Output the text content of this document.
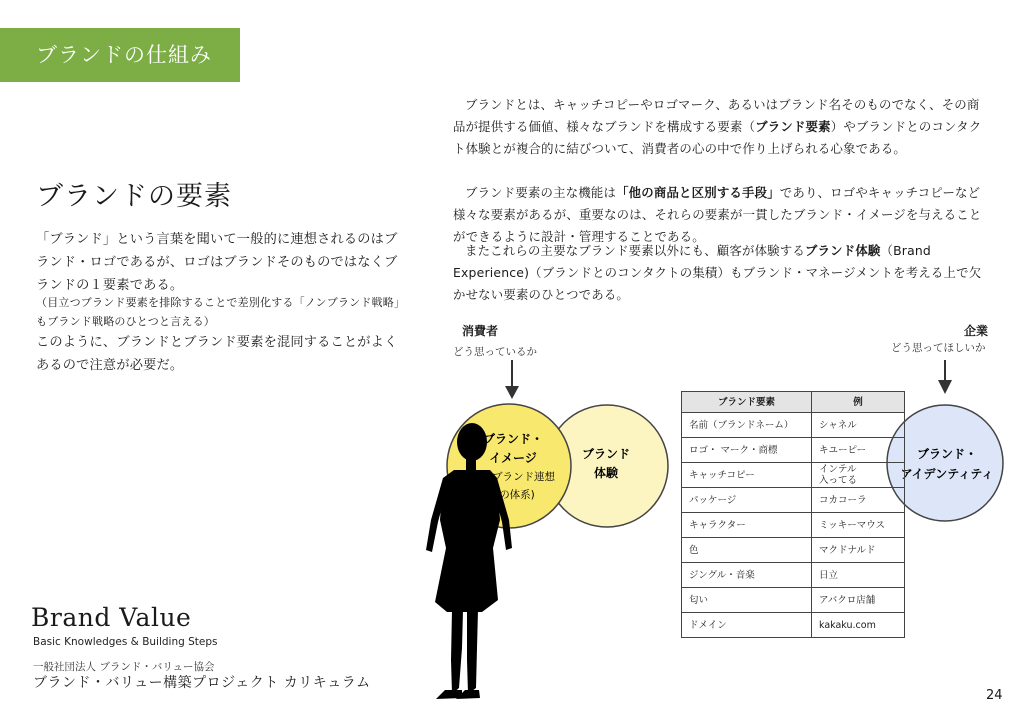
ブランドの仕組み
ブランドの要素

「ブランド」という言葉を聞いて一般的に連想されるのはブランド・ロゴであるが、ロゴはブランドそのものではなくブランドの１要素である。

（目立つブランド要素を排除することで差別化する「ノンブランド戦略」もブランド戦略のひとつと言える）

このように、ブランドとブランド要素を混同することがよくあるので注意が必要だ。

ブランドとは、キャッチコピーやロゴマーク、あるいはブランド名そのものでなく、その商品が提供する価値、様々なブランドを構成する要素（ブランド要素）やブランドとのコンタクト体験とが複合的に結びついて、消費者の心の中で作り上げられる心象である。

ブランド要素の主な機能は「他の商品と区別する手段」であり、ロゴやキャッチコピーなど様々な要素があるが、重要なのは、それらの要素が一貫したブランド・イメージを与えることができるように設計・管理することである。

またこれらの主要なブランド要素以外にも、顧客が体験するブランド体験（Brand Experience)（ブランドとのコンタクトの集積）もブランド・マネージメントを考える上で欠かせない要素のひとつである。

ブランド・
イメージ
(=ブランド連想
の体系)
ブランド
体験
ブランド・
アイデンティティ
消費者
どう思っているか
企業
どう思ってほしいか
ブランド要素	例
名前（ブランドネーム）	シャネル
ロゴ・ マーク・商標	キユーピー
キャッチコピー	インテル
入ってる
パッケージ	コカコーラ
キャラクター	ミッキーマウス
色	マクドナルド
ジングル・音楽	日立
匂い	アバクロ店舗
ドメイン	kakaku.com
Brand Value
Basic Knowledges & Building Steps
一般社団法人 ブランド・バリュー協会
ブランド・バリュー構築プロジェクト カリキュラム
24
